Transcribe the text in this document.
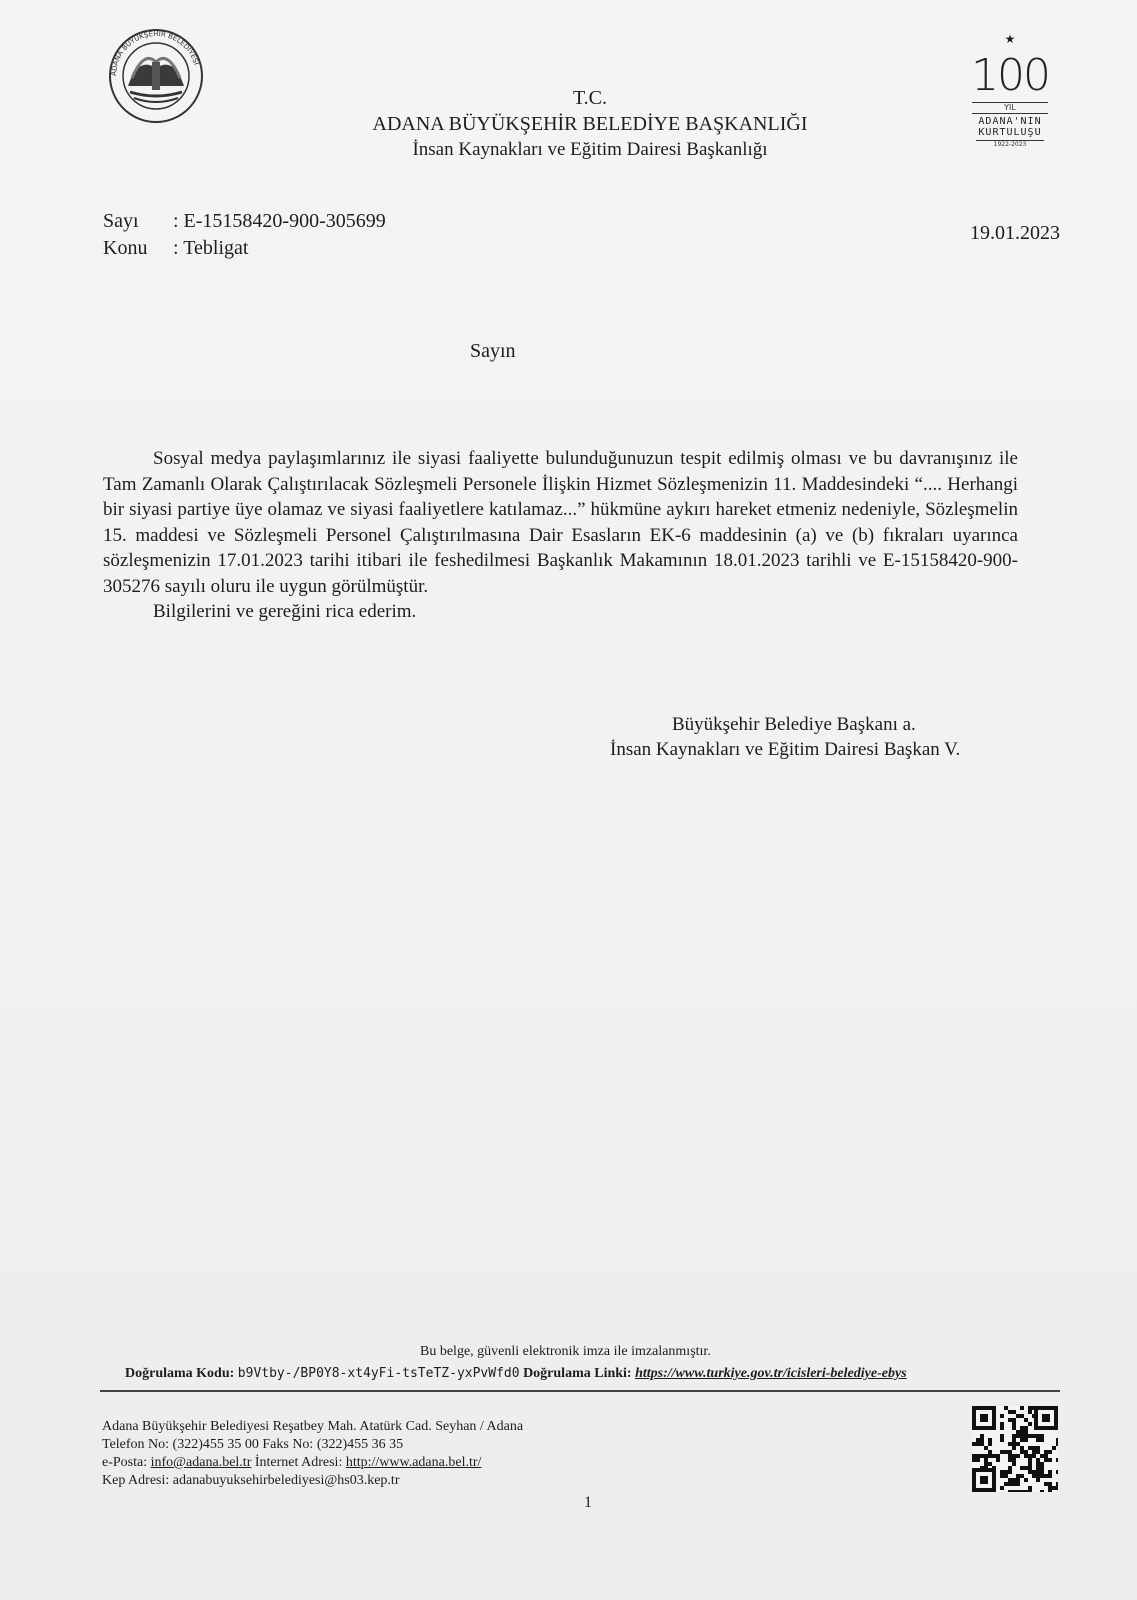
ADANA BÜYÜKŞEHİR BELEDİYESİ
★
100
YIL
ADANA'NIN
KURTULUŞU
1922-2023
T.C.
ADANA BÜYÜKŞEHİR BELEDİYE BAŞKANLIĞI
İnsan Kaynakları ve Eğitim Dairesi Başkanlığı
Sayı : E-15158420-900-305699
Konu : Tebligat
19.01.2023
Sayın

Sosyal medya paylaşımlarınız ile siyasi faaliyette bulunduğunuzun tespit edilmiş olması ve bu davranışınız ile Tam Zamanlı Olarak Çalıştırılacak Sözleşmeli Personele İlişkin Hizmet Sözleşmenizin 11. Maddesindeki “.... Herhangi bir siyasi partiye üye olamaz ve siyasi faaliyetlere katılamaz...” hükmüne aykırı hareket etmeniz nedeniyle, Sözleşmelin 15. maddesi ve Sözleşmeli Personel Çalıştırılmasına Dair Esasların EK-6 maddesinin (a) ve (b) fıkraları uyarınca sözleşmenizin 17.01.2023 tarihi itibari ile feshedilmesi Başkanlık Makamının 18.01.2023 tarihli ve E-15158420-900-305276 sayılı oluru ile uygun görülmüştür.

Bilgilerini ve gereğini rica ederim.

Büyükşehir Belediye Başkanı a.
İnsan Kaynakları ve Eğitim Dairesi Başkan V.
Bu belge, güvenli elektronik imza ile imzalanmıştır.
Doğrulama Kodu: b9Vtby-/BP0Y8-xt4yFi-tsTeTZ-yxPvWfd0 Doğrulama Linki: https://www.turkiye.gov.tr/icisleri-belediye-ebys
Adana Büyükşehir Belediyesi Reşatbey Mah. Atatürk Cad. Seyhan / Adana
Telefon No: (322)455 35 00 Faks No: (322)455 36 35
e-Posta: info@adana.bel.tr İnternet Adresi: http://www.adana.bel.tr/
Kep Adresi: adanabuyuksehirbelediyesi@hs03.kep.tr
1
